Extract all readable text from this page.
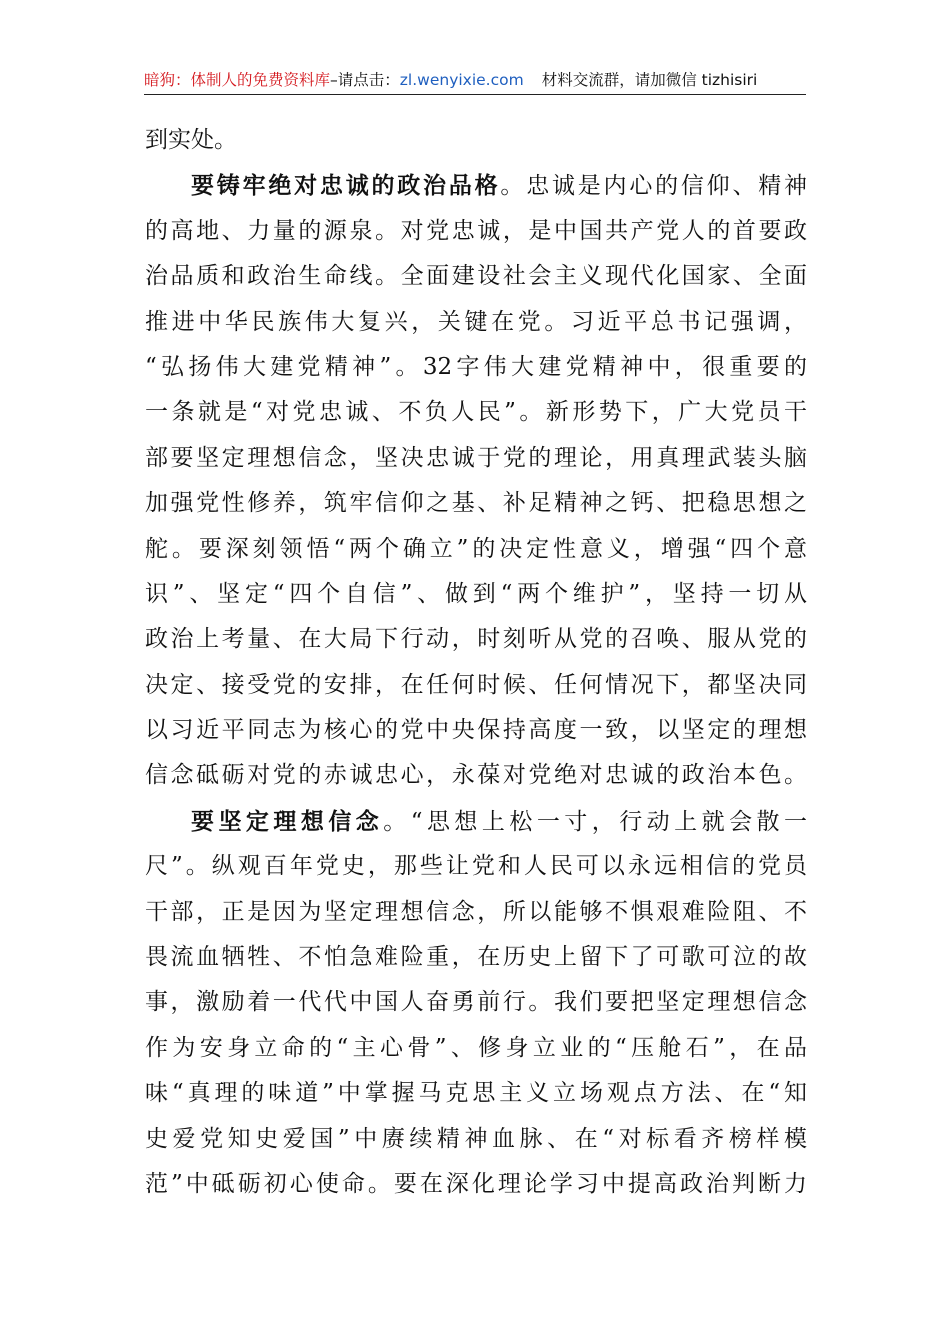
暗狗：体制人的免费资料库–请点击：zl.wenyixie.com 材料交流群，请加微信 tizhisiri
到实处。
要铸牢绝对忠诚的政治品格。忠诚是内心的信仰、精神
的高地、力量的源泉。对党忠诚，是中国共产党人的首要政
治品质和政治生命线。全面建设社会主义现代化国家、全面
推进中华民族伟大复兴，关键在党。习近平总书记强调，
“弘扬伟大建党精神”。32字伟大建党精神中，很重要的
一条就是“对党忠诚、不负人民”。新形势下，广大党员干
部要坚定理想信念，坚决忠诚于党的理论，用真理武装头脑
加强党性修养，筑牢信仰之基、补足精神之钙、把稳思想之
舵。要深刻领悟“两个确立”的决定性意义，增强“四个意
识”、坚定“四个自信”、做到“两个维护”，坚持一切从
政治上考量、在大局下行动，时刻听从党的召唤、服从党的
决定、接受党的安排，在任何时候、任何情况下，都坚决同
以习近平同志为核心的党中央保持高度一致，以坚定的理想
信念砥砺对党的赤诚忠心，永葆对党绝对忠诚的政治本色。
要坚定理想信念。“思想上松一寸，行动上就会散一
尺”。纵观百年党史，那些让党和人民可以永远相信的党员
干部，正是因为坚定理想信念，所以能够不惧艰难险阻、不
畏流血牺牲、不怕急难险重，在历史上留下了可歌可泣的故
事，激励着一代代中国人奋勇前行。我们要把坚定理想信念
作为安身立命的“主心骨”、修身立业的“压舱石”，在品
味“真理的味道”中掌握马克思主义立场观点方法、在“知
史爱党知史爱国”中赓续精神血脉、在“对标看齐榜样模
范”中砥砺初心使命。要在深化理论学习中提高政治判断力
